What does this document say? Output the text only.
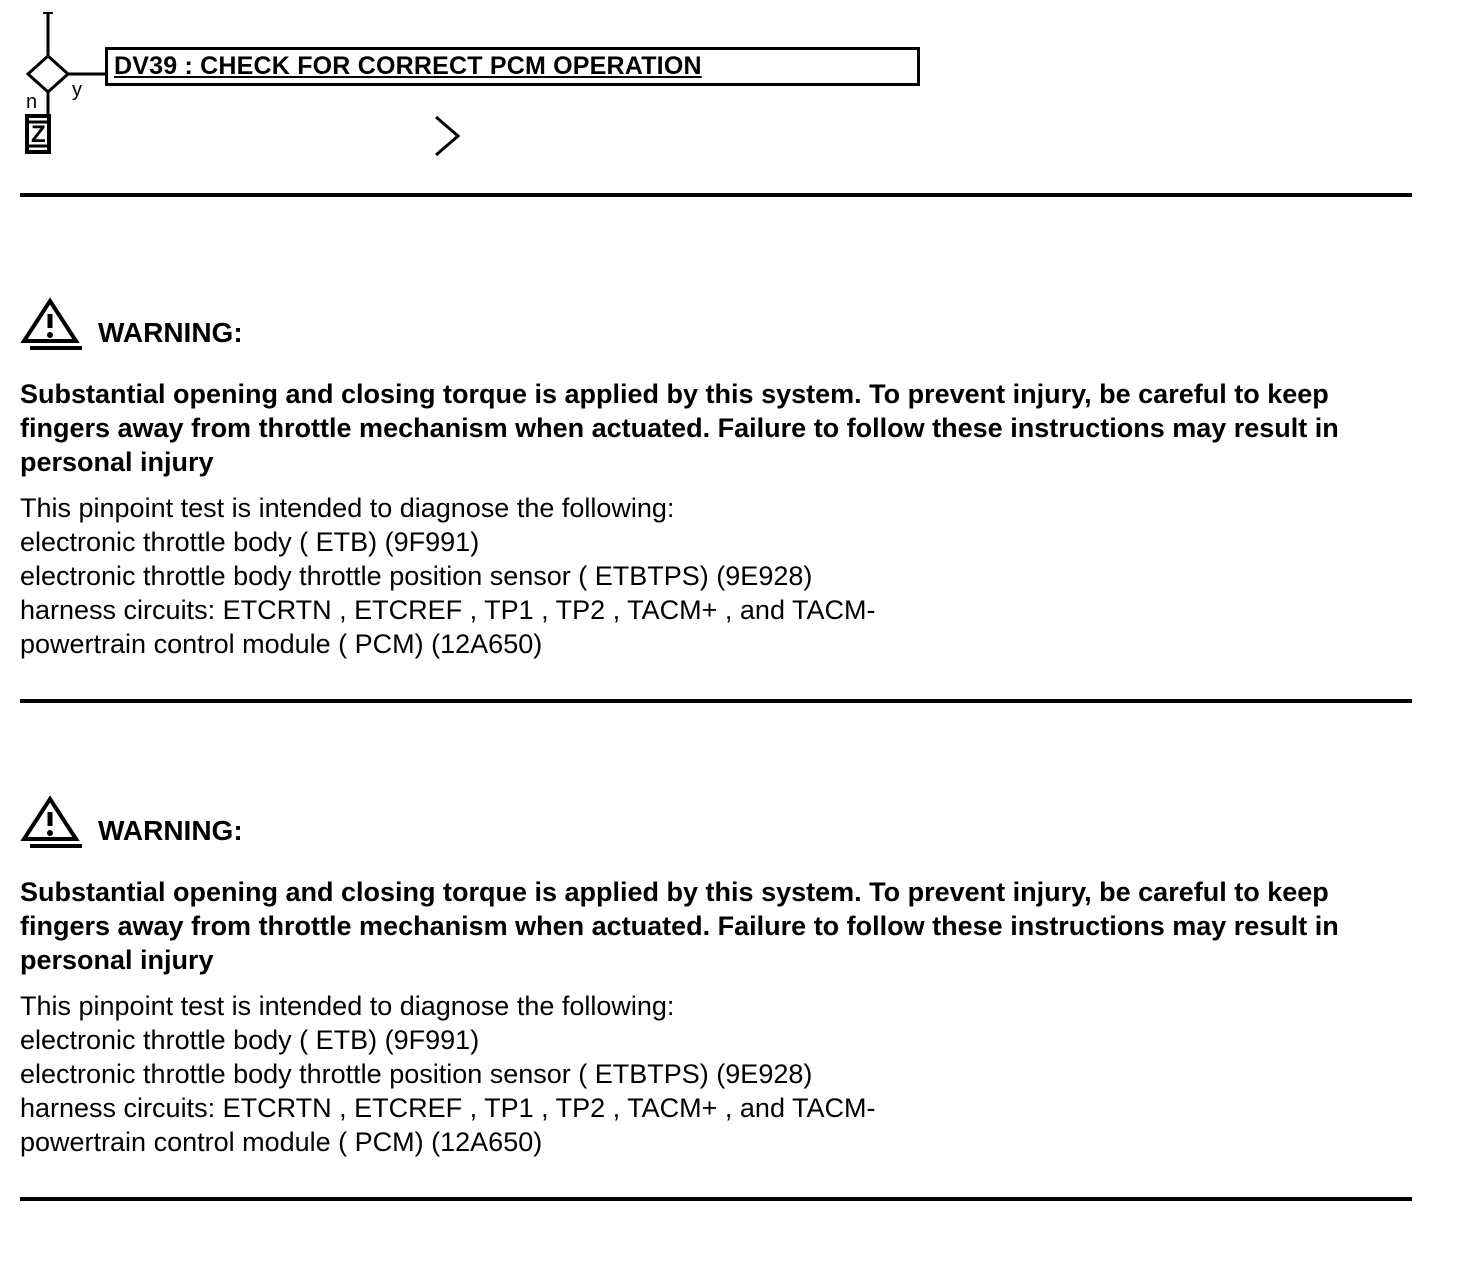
n
y
Z
DV39 : CHECK FOR CORRECT PCM OPERATION
WARNING:

Substantial opening and closing torque is applied by this system. To prevent injury, be careful to keep fingers away from throttle mechanism when actuated. Failure to follow these instructions may result in personal injury

This pinpoint test is intended to diagnose the following:
electronic throttle body ( ETB) (9F991)
electronic throttle body throttle position sensor ( ETBTPS) (9E928)
harness circuits: ETCRTN , ETCREF , TP1 , TP2 , TACM+ , and TACM-
powertrain control module ( PCM) (12A650)
WARNING:

Substantial opening and closing torque is applied by this system. To prevent injury, be careful to keep fingers away from throttle mechanism when actuated. Failure to follow these instructions may result in personal injury

This pinpoint test is intended to diagnose the following:
electronic throttle body ( ETB) (9F991)
electronic throttle body throttle position sensor ( ETBTPS) (9E928)
harness circuits: ETCRTN , ETCREF , TP1 , TP2 , TACM+ , and TACM-
powertrain control module ( PCM) (12A650)
